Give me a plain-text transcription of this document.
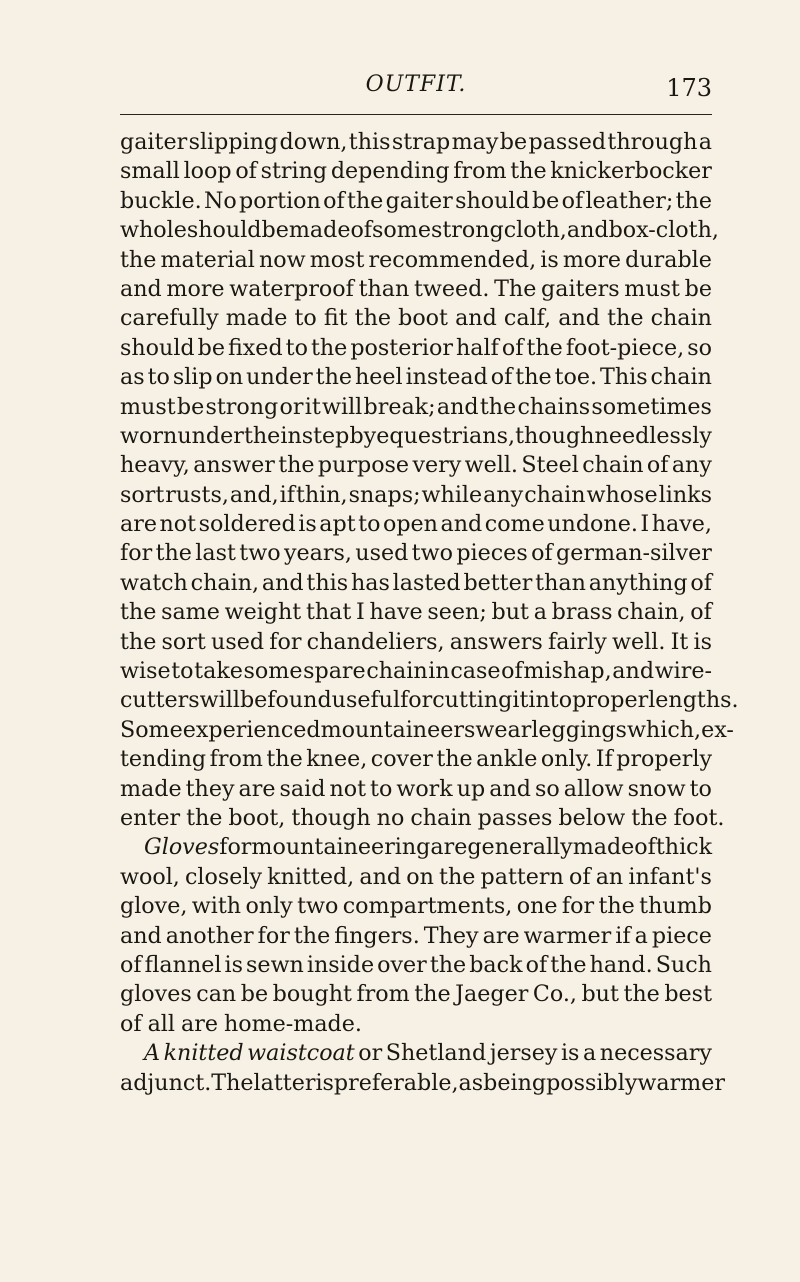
OUTFIT.	173
gaiter slipping down, this strap may be passed through a
small loop of string depending from the knickerbocker
buckle. No portion of the gaiter should be of leather; the
whole should be made of some strong cloth, and box-cloth,
the material now most recommended, is more durable
and more waterproof than tweed. The gaiters must be
carefully made to fit the boot and calf, and the chain
should be fixed to the posterior half of the foot-piece, so
as to slip on under the heel instead of the toe. This chain
must be strong or it will break; and the chains sometimes
worn under the instep by equestrians, though needlessly
heavy, answer the purpose very well. Steel chain of any
sort rusts, and, if thin, snaps; while any chain whose links
are not soldered is apt to open and come undone. I have,
for the last two years, used two pieces of german-silver
watch chain, and this has lasted better than anything of
the same weight that I have seen; but a brass chain, of
the sort used for chandeliers, answers fairly well. It is
wise to take some spare chain in case of mishap, and wire-
cutters will be found useful for cutting it into proper lengths.
Some experienced mountaineers wear leggings which, ex-
tending from the knee, cover the ankle only. If properly
made they are said not to work up and so allow snow to
enter the boot, though no chain passes below the foot.
Gloves for mountaineering are generally made of thick
wool, closely knitted, and on the pattern of an infant's
glove, with only two compartments, one for the thumb
and another for the fingers. They are warmer if a piece
of flannel is sewn inside over the back of the hand. Such
gloves can be bought from the Jaeger Co., but the best
of all are home-made.
A knitted waistcoat or Shetland jersey is a necessary
adjunct. The latter is preferable, as being possibly warmer
